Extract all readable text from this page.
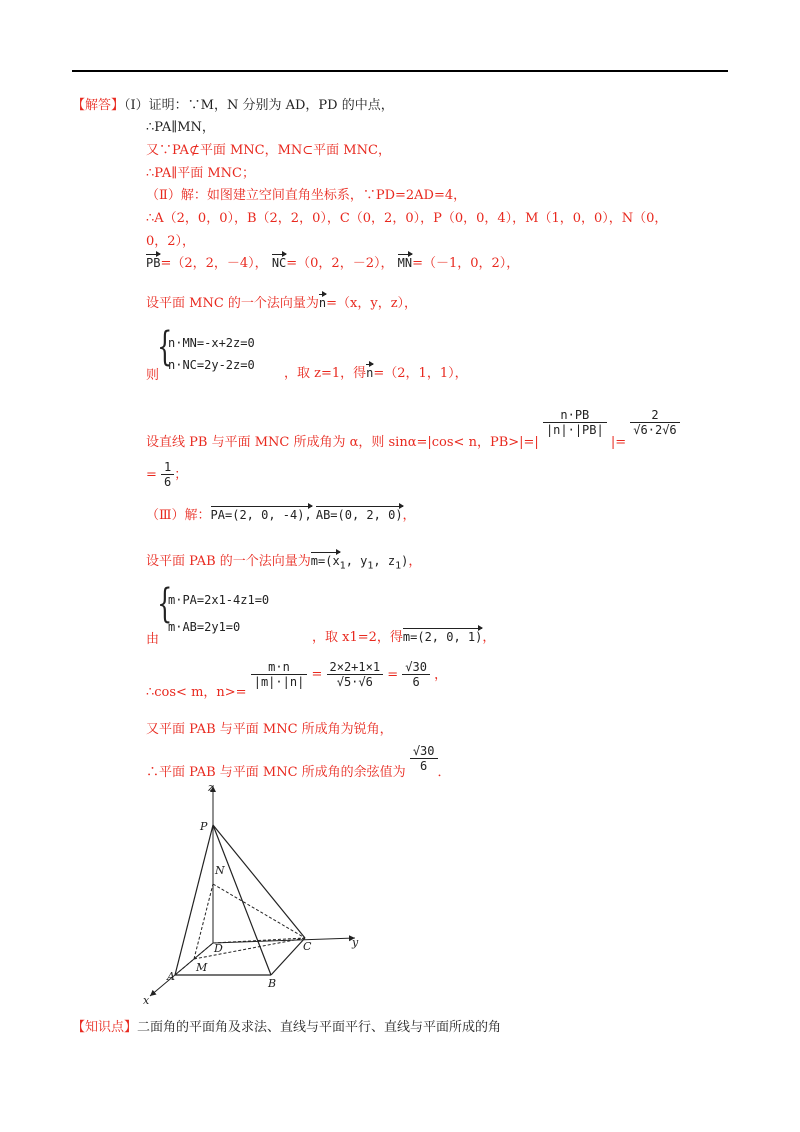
【解答】（Ⅰ）证明：∵M，N 分别为 AD，PD 的中点，
∴PA∥MN，
又∵PA⊄平面 MNC，MN⊂平面 MNC，
∴PA∥平面 MNC；
（Ⅱ）解：如图建立空间直角坐标系，∵PD=2AD=4，
∴A（2，0，0），B（2，2，0），C（0，2，0），P（0，0，4），M（1，0，0），N（0，
0，2），
PB=（2，2，－4）， NC=（0，2，－2）， MN=（－1，0，2），
设平面 MNC 的一个法向量为n=（x，y，z），
{
n·MN=-x+2z=0
n·NC=2y-2z=0
则	，取 z=1，得n=（2，1，1），
设直线 PB 与平面 MNC 所成角为 α，则 sinα=|cos< n，PB>|=|
$\frac{n\cdot PB}{|n|\cdot|PB|}$
|=
$\frac{2}{√6\cdot 2√6}$
= $\frac{1}{6}$ ；
（Ⅲ）解：PA=(2, 0, -4), AB=(0, 2, 0)，
设平面 PAB 的一个法向量为$m=(x_1$, $y_1$, $z_1$)，
{
m·PA=2x1-4z1=0
m·AB=2y1=0
由	，取 x1=2，得m=(2, 0, 1)，
∴cos< m，n>=
$\frac{m\cdot n}{|m|\cdot|n|} = \frac{2\times 2+1\times 1}{√5\cdot√6} = \frac{√30}{6}$ ，
又平面 PAB 与平面 MNC 所成角为锐角，
∴平面 PAB 与平面 MNC 所成角的余弦值为 $\frac{√30}{6}$ ．
z
P
N
D	C	y
A
M
B
x
【知识点】二面角的平面角及求法、直线与平面平行、直线与平面所成的角
